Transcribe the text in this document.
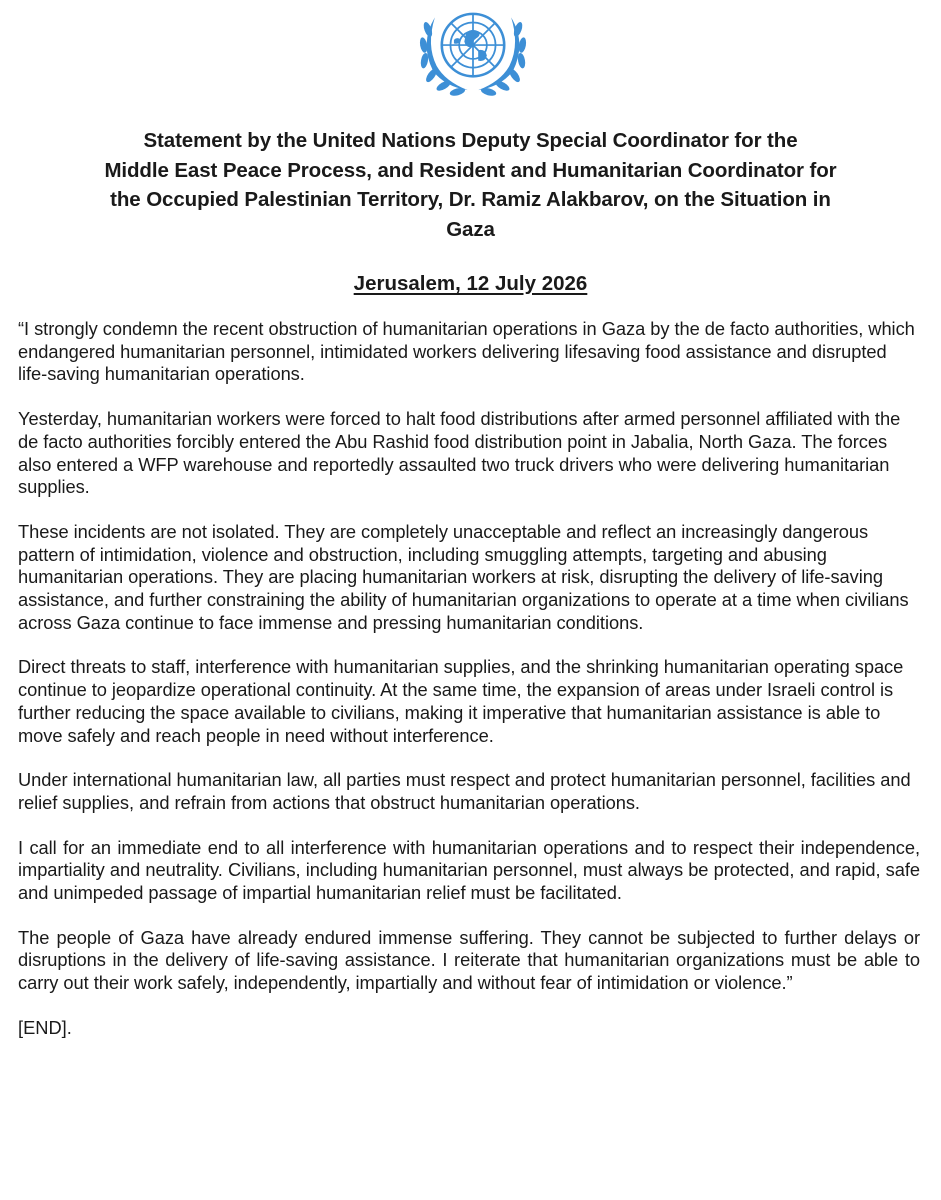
Statement by the United Nations Deputy Special Coordinator for the
Middle East Peace Process, and Resident and Humanitarian Coordinator for
the Occupied Palestinian Territory, Dr. Ramiz Alakbarov, on the Situation in
Gaza
Jerusalem, 12 July 2026

“I strongly condemn the recent obstruction of humanitarian operations in Gaza by the de facto authorities, which endangered humanitarian personnel, intimidated workers delivering lifesaving food assistance and disrupted life-saving humanitarian operations.

Yesterday, humanitarian workers were forced to halt food distributions after armed personnel affiliated with the de facto authorities forcibly entered the Abu Rashid food distribution point in Jabalia, North Gaza. The forces also entered a WFP warehouse and reportedly assaulted two truck drivers who were delivering humanitarian supplies.

These incidents are not isolated. They are completely unacceptable and reflect an increasingly dangerous pattern of intimidation, violence and obstruction, including smuggling attempts, targeting and abusing humanitarian operations. They are placing humanitarian workers at risk, disrupting the delivery of life-saving assistance, and further constraining the ability of humanitarian organizations to operate at a time when civilians across Gaza continue to face immense and pressing humanitarian conditions.

Direct threats to staff, interference with humanitarian supplies, and the shrinking humanitarian operating space continue to jeopardize operational continuity. At the same time, the expansion of areas under Israeli control is further reducing the space available to civilians, making it imperative that humanitarian assistance is able to move safely and reach people in need without interference.

Under international humanitarian law, all parties must respect and protect humanitarian personnel, facilities and relief supplies, and refrain from actions that obstruct humanitarian operations.

I call for an immediate end to all interference with humanitarian operations and to respect their independence, impartiality and neutrality. Civilians, including humanitarian personnel, must always be protected, and rapid, safe and unimpeded passage of impartial humanitarian relief must be facilitated.

The people of Gaza have already endured immense suffering. They cannot be subjected to further delays or disruptions in the delivery of life-saving assistance. I reiterate that humanitarian organizations must be able to carry out their work safely, independently, impartially and without fear of intimidation or violence.”

[END].
